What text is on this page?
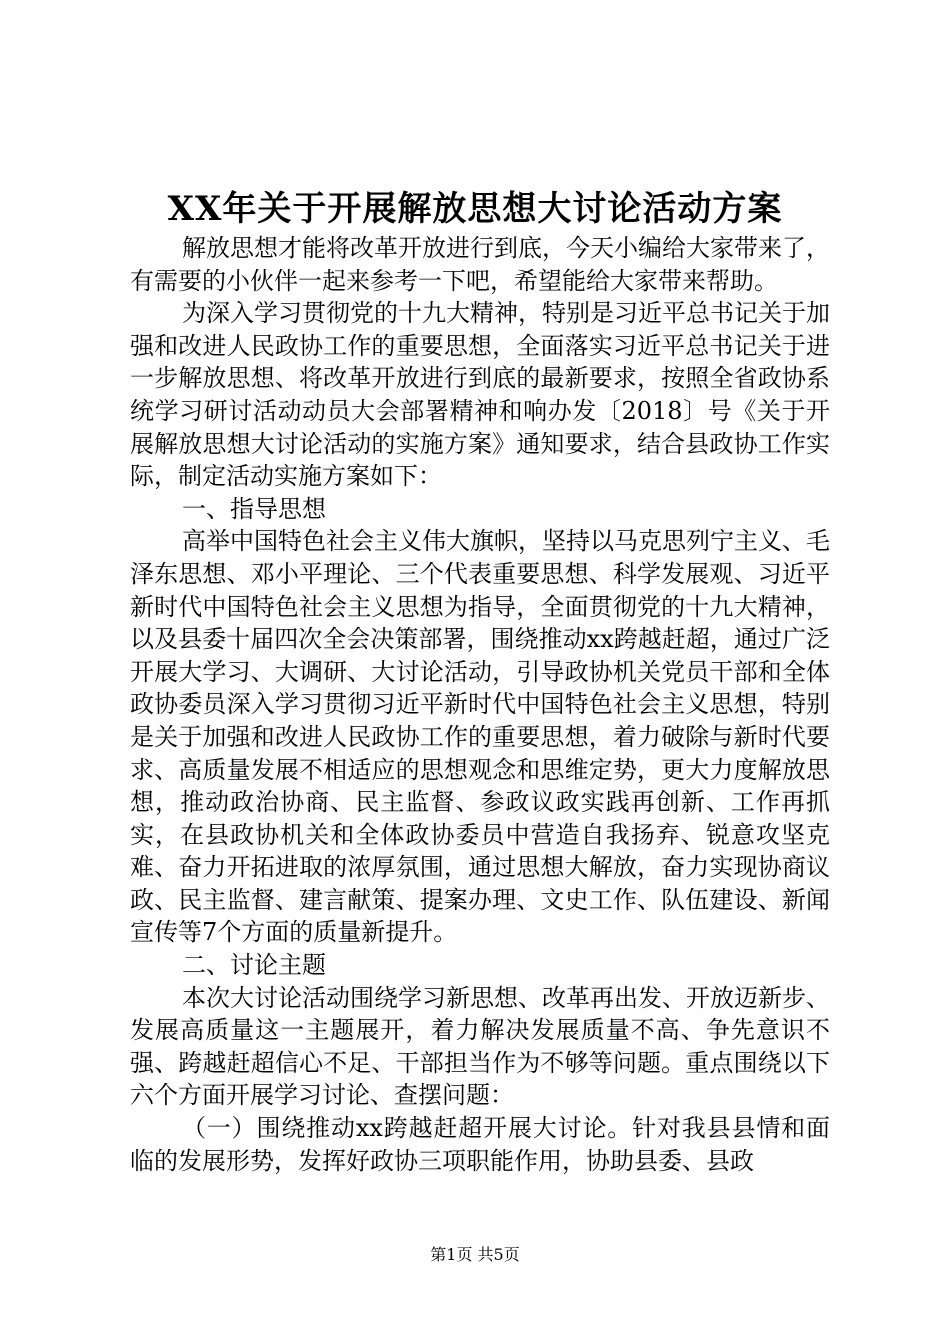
XX年关于开展解放思想大讨论活动方案

解放思想才能将改革开放进行到底，今天小编给大家带来了，有需要的小伙伴一起来参考一下吧，希望能给大家带来帮助。

为深入学习贯彻党的十九大精神，特别是习近平总书记关于加强和改进人民政协工作的重要思想，全面落实习近平总书记关于进一步解放思想、将改革开放进行到底的最新要求，按照全省政协系统学习研讨活动动员大会部署精神和响办发〔2018〕号《关于开展解放思想大讨论活动的实施方案》通知要求，结合县政协工作实际，制定活动实施方案如下：

一、指导思想

高举中国特色社会主义伟大旗帜，坚持以马克思列宁主义、毛泽东思想、邓小平理论、三个代表重要思想、科学发展观、习近平新时代中国特色社会主义思想为指导，全面贯彻党的十九大精神，以及县委十届四次全会决策部署，围绕推动xx跨越赶超，通过广泛开展大学习、大调研、大讨论活动，引导政协机关党员干部和全体政协委员深入学习贯彻习近平新时代中国特色社会主义思想，特别是关于加强和改进人民政协工作的重要思想，着力破除与新时代要求、高质量发展不相适应的思想观念和思维定势，更大力度解放思想，推动政治协商、民主监督、参政议政实践再创新、工作再抓实，在县政协机关和全体政协委员中营造自我扬弃、锐意攻坚克难、奋力开拓进取的浓厚氛围，通过思想大解放，奋力实现协商议政、民主监督、建言献策、提案办理、文史工作、队伍建设、新闻宣传等7个方面的质量新提升。

二、讨论主题

本次大讨论活动围绕学习新思想、改革再出发、开放迈新步、发展高质量这一主题展开，着力解决发展质量不高、争先意识不强、跨越赶超信心不足、干部担当作为不够等问题。重点围绕以下六个方面开展学习讨论、查摆问题：

（一）围绕推动xx跨越赶超开展大讨论。针对我县县情和面临的发展形势，发挥好政协三项职能作用，协助县委、县政

第1页 共5页
